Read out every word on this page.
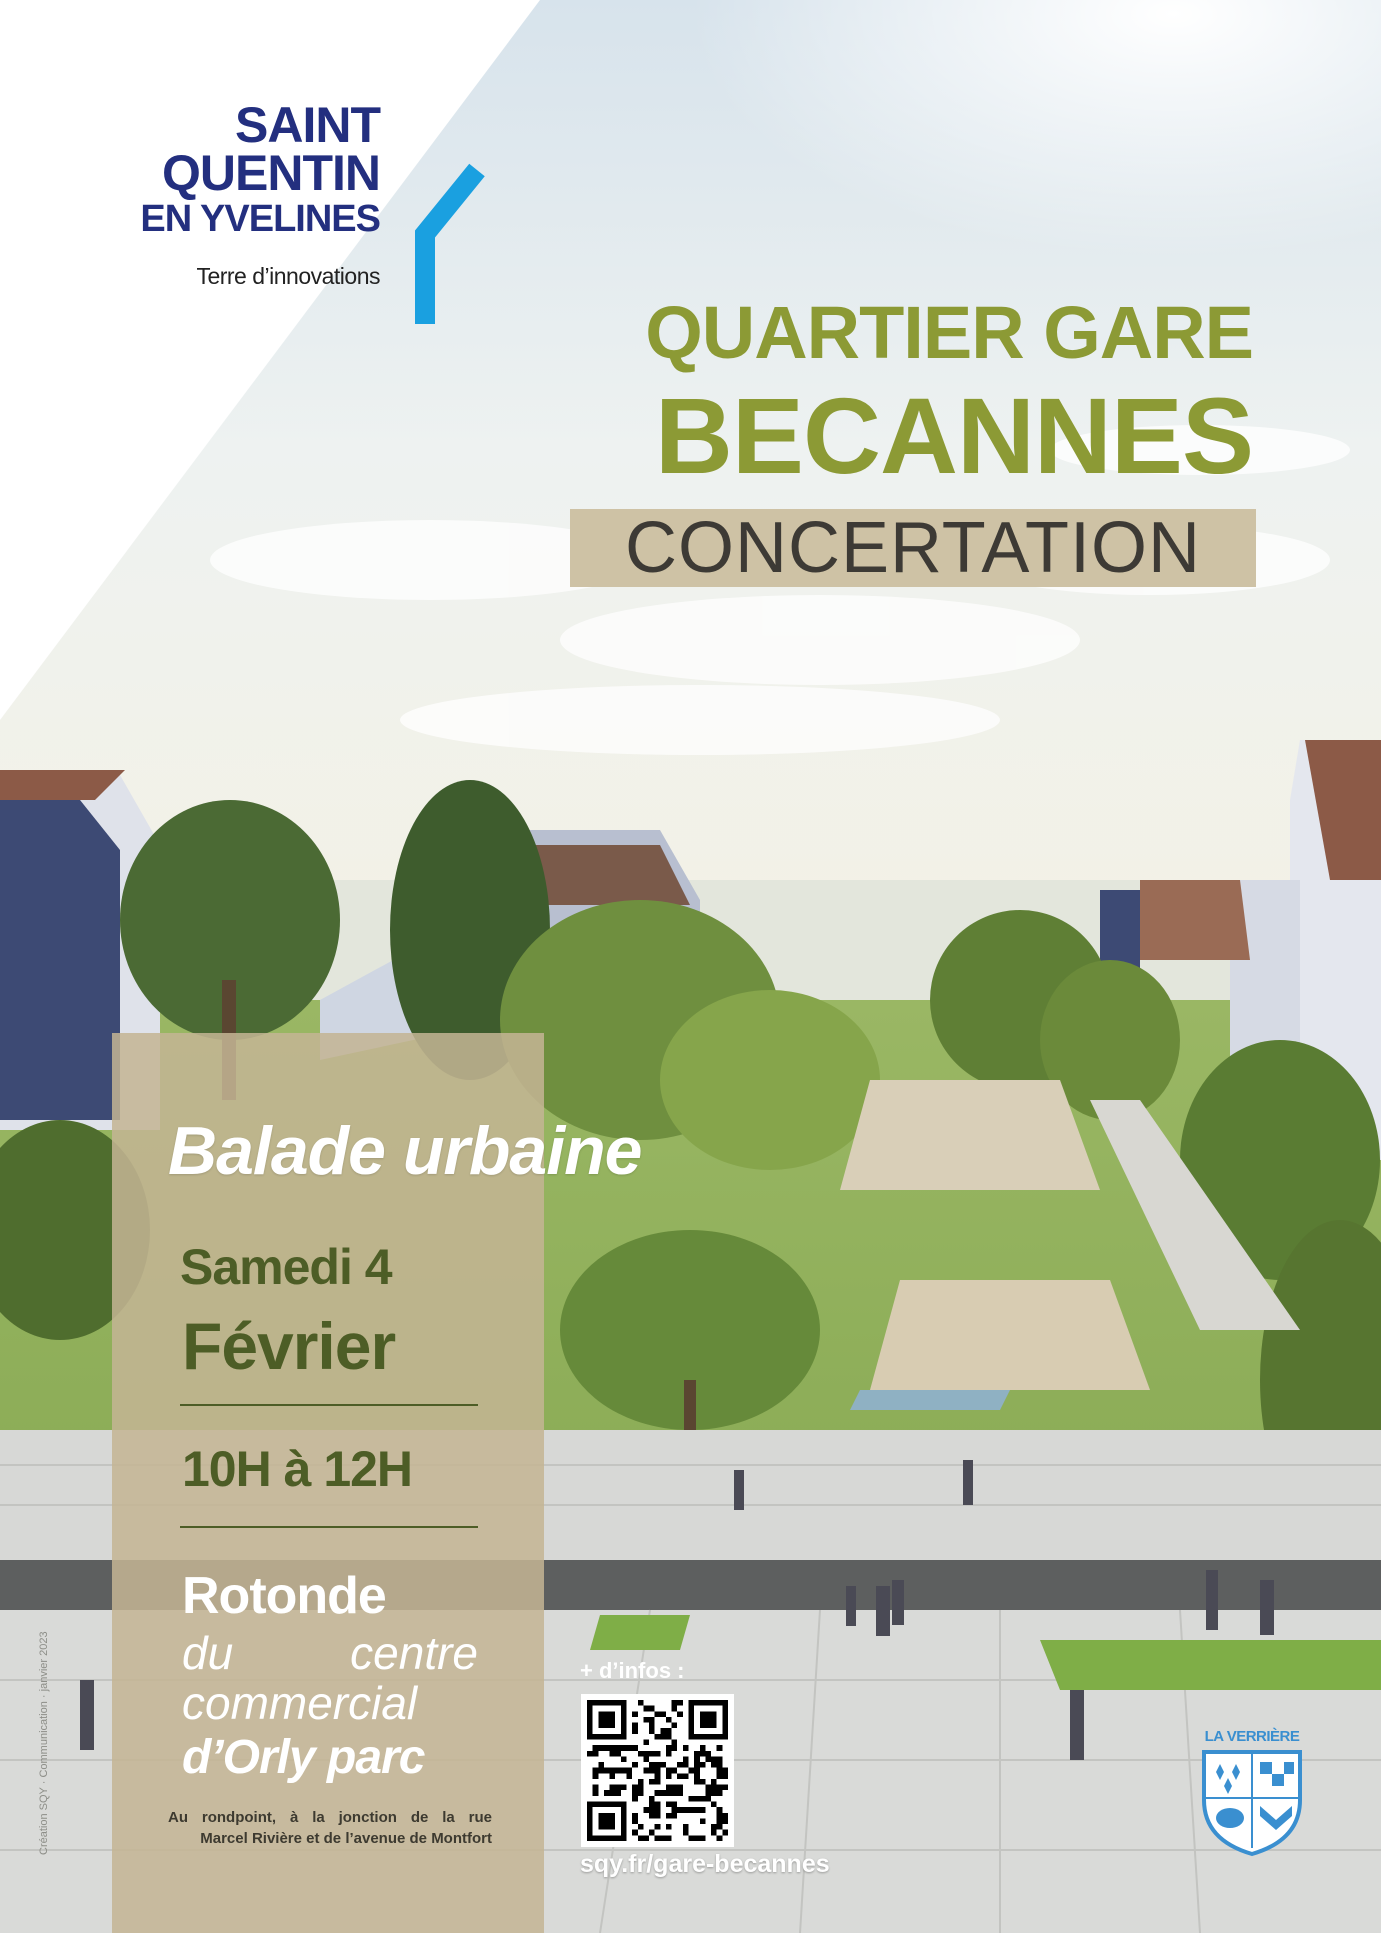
SAINT
QUENTIN
EN YVELINES
Terre d’innovations
QUARTIER GARE
BECANNES
CONCERTATION
Balade urbaine
Samedi 4
Février
10H à 12H
Rotonde
du centre
commercial
d’Orly parc
Au rondpoint, à la jonction de la rue
Marcel Rivière et de l’avenue de Montfort
+ d’infos :
sqy.fr/gare-becannes
LA VERRIÈRE
Création SQY · Communication · janvier 2023
